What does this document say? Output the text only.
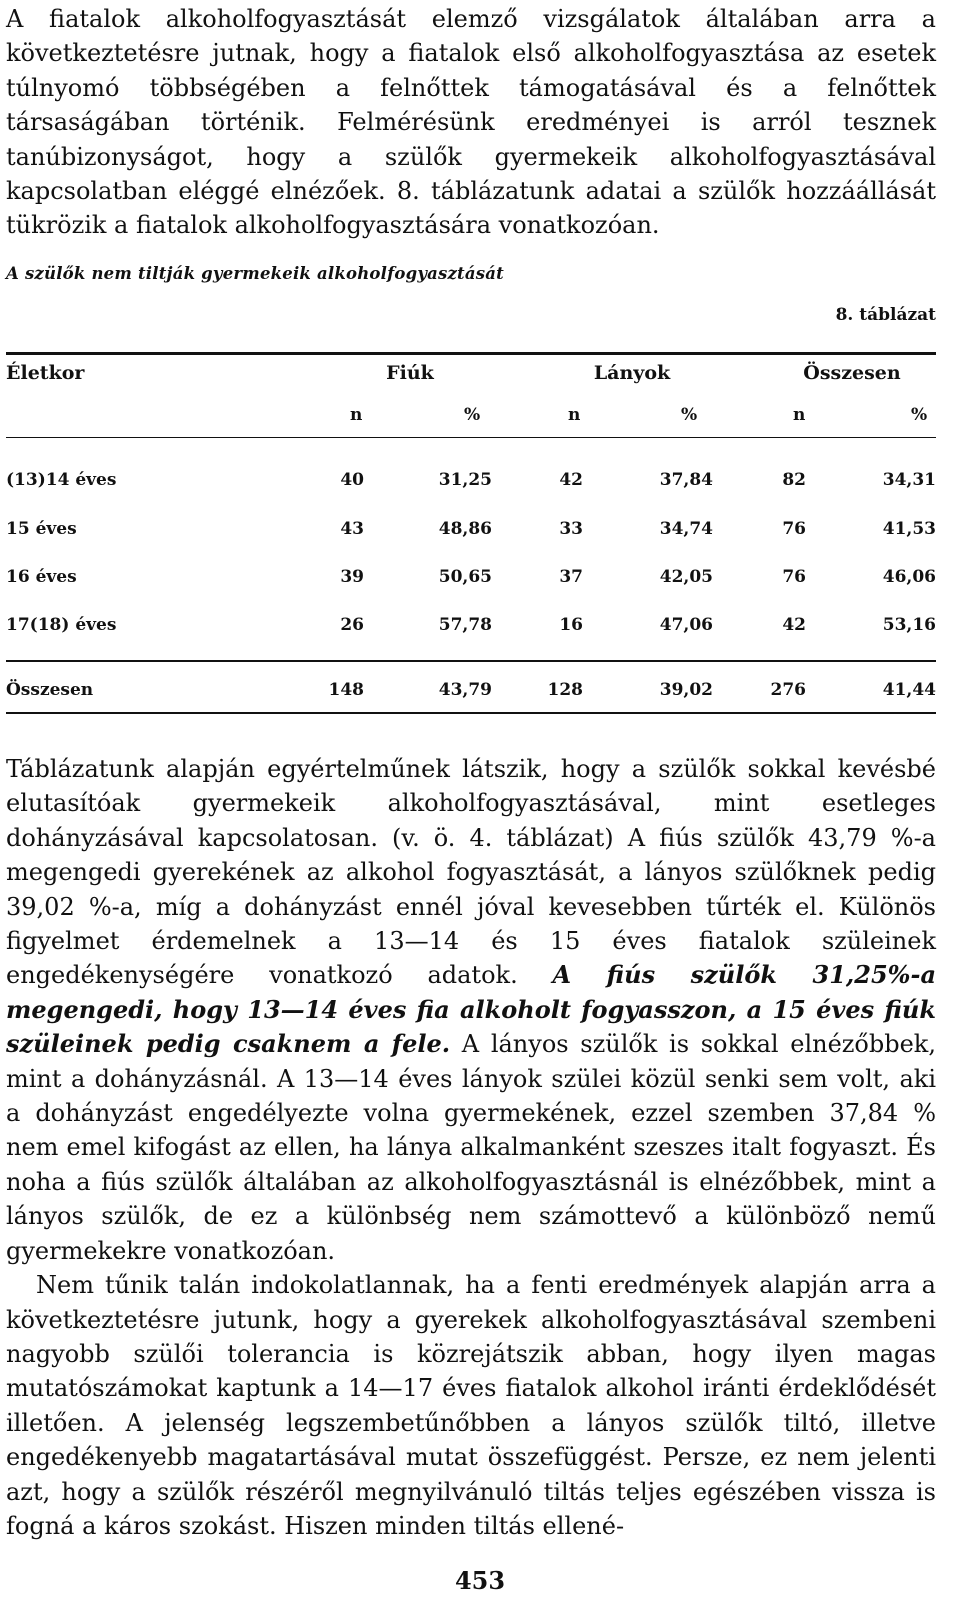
A fiatalok alkoholfogyasztását elemző vizsgálatok általában arra a következtetésre jutnak, hogy a fiatalok első alkoholfogyasztása az esetek túlnyomó többségében a felnőttek támogatásával és a felnőttek társaságában történik. Felmérésünk eredményei is arról tesznek tanúbizonyságot, hogy a szülők gyermekeik alkoholfogyasztásával kapcsolatban eléggé elnézőek. 8. táblázatunk adatai a szülők hozzáállását tükrözik a fiatalok alkoholfogyasztására vonatkozóan.

A szülők nem tiltják gyermekeik alkoholfogyasztását
8. táblázat
Életkor	Fiúk	Lányok	Összesen
n	%	n	%	n	%
(13)14 éves	40	31,25	42	37,84	82	34,31
15 éves	43	48,86	33	34,74	76	41,53
16 éves	39	50,65	37	42,05	76	46,06
17(18) éves	26	57,78	16	47,06	42	53,16
Összesen	148	43,79	128	39,02	276	41,44

Táblázatunk alapján egyértelműnek látszik, hogy a szülők sokkal kevésbé elutasítóak gyermekeik alkoholfogyasztásával, mint esetleges dohányzásával kapcsolatosan. (v. ö. 4. táblázat) A fiús szülők 43,79 %-a megengedi gyerekének az alkohol fogyasztását, a lányos szülőknek pedig 39,02 %-a, míg a dohányzást ennél jóval kevesebben tűrték el. Különös figyelmet érdemelnek a 13—14 és 15 éves fiatalok szüleinek engedékenységére vonatkozó adatok. A fiús szülők 31,25%-a megengedi, hogy 13—14 éves fia alkoholt fogyasszon, a 15 éves fiúk szüleinek pedig csaknem a fele. A lányos szülők is sokkal elnézőbbek, mint a dohányzásnál. A 13—14 éves lányok szülei közül senki sem volt, aki a dohányzást engedélyezte volna gyermekének, ezzel szemben 37,84 % nem emel kifogást az ellen, ha lánya alkalmanként szeszes italt fogyaszt. És noha a fiús szülők általában az alkoholfogyasztásnál is elnézőbbek, mint a lányos szülők, de ez a különbség nem számottevő a különböző nemű gyermekekre vonatkozóan.
Nem tűnik talán indokolatlannak, ha a fenti eredmények alapján arra a következtetésre jutunk, hogy a gyerekek alkoholfogyasztásával szembeni nagyobb szülői tolerancia is közrejátszik abban, hogy ilyen magas mutatószámokat kaptunk a 14—17 éves fiatalok alkohol iránti érdeklődését illetően. A jelenség legszembetűnőbben a lányos szülők tiltó, illetve engedékenyebb magatartásával mutat összefüggést. Persze, ez nem jelenti azt, hogy a szülők részéről megnyilvánuló tiltás teljes egészében vissza is fogná a káros szokást. Hiszen minden tiltás ellené-

453
